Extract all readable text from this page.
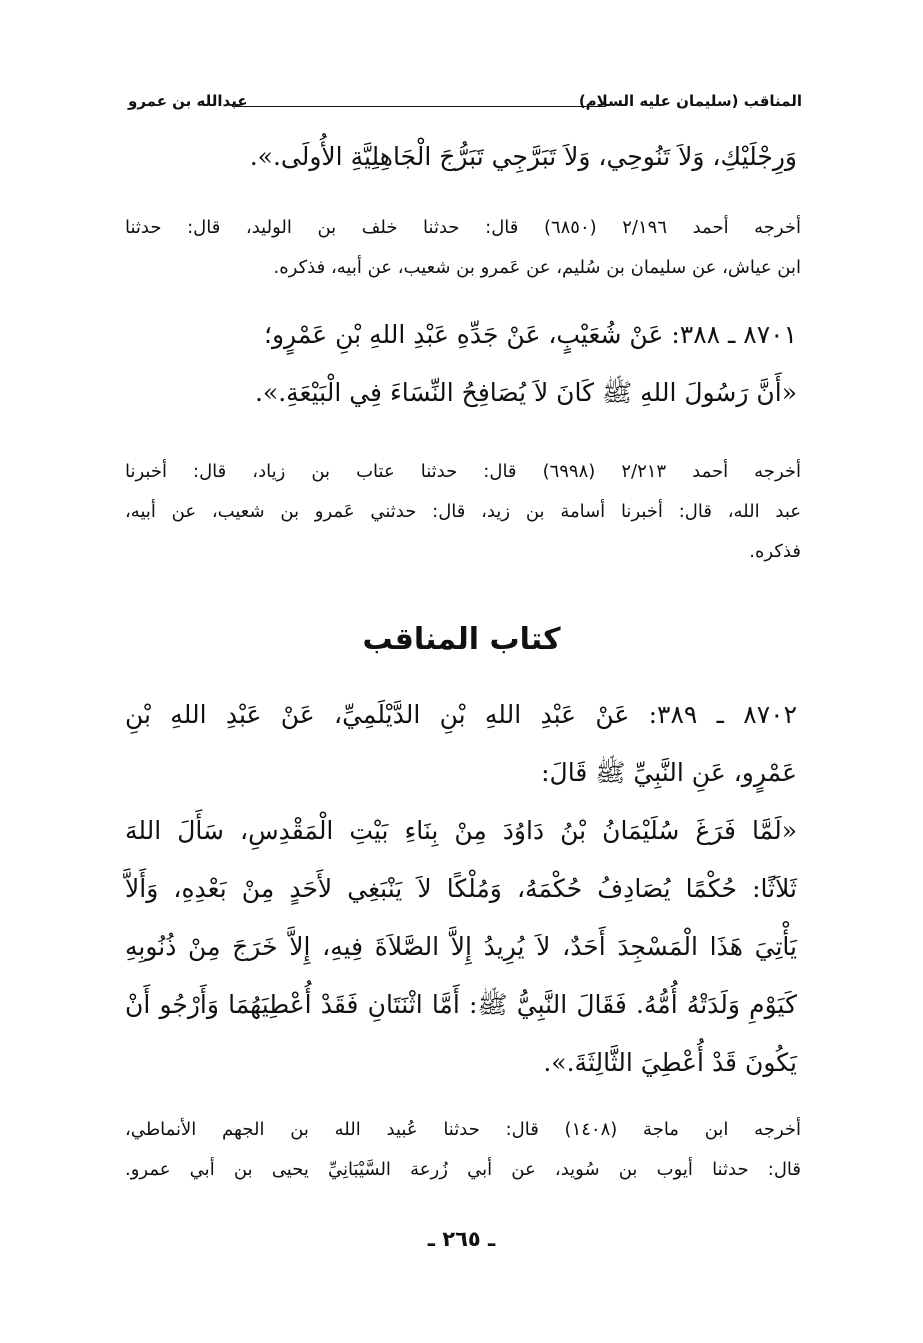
المناقب (سليمان عليه السلام)
عبدالله بن عمرو
وَرِجْلَيْكِ، وَلاَ تَنُوحِي، وَلاَ تَبَرَّجِي تَبَرُّجَ الْجَاهِلِيَّةِ الأُولَى.».
أخرجه أحمد ٢/١٩٦ (٦٨٥٠) قال: حدثنا خلف بن الوليد، قال: حدثنا
ابن عياش، عن سليمان بن سُليم، عن عَمرو بن شعيب، عن أبيه، فذكره.
٨٧٠١ ـ ٣٨٨: عَنْ شُعَيْبٍ، عَنْ جَدِّهِ عَبْدِ اللهِ بْنِ عَمْرٍو؛
«أَنَّ رَسُولَ اللهِ ﷺ كَانَ لاَ يُصَافِحُ النِّسَاءَ فِي الْبَيْعَةِ.».
أخرجه أحمد ٢/٢١٣ (٦٩٩٨) قال: حدثنا عتاب بن زياد، قال: أخبرنا
عبد الله، قال: أخبرنا أسامة بن زيد، قال: حدثني عَمرو بن شعيب، عن أبيه،
فذكره.
كتاب المناقب
٨٧٠٢ ـ ٣٨٩: عَنْ عَبْدِ اللهِ بْنِ الدَّيْلَمِيِّ، عَنْ عَبْدِ اللهِ بْنِ
عَمْرٍو، عَنِ النَّبِيِّ ﷺ قَالَ:
«لَمَّا فَرَغَ سُلَيْمَانُ بْنُ دَاوُدَ مِنْ بِنَاءِ بَيْتِ الْمَقْدِسِ، سَأَلَ اللهَ
ثَلاَثًا: حُكْمًا يُصَادِفُ حُكْمَهُ، وَمُلْكًا لاَ يَنْبَغِي لأَحَدٍ مِنْ بَعْدِهِ، وَأَلاَّ
يَأْتِيَ هَذَا الْمَسْجِدَ أَحَدٌ، لاَ يُرِيدُ إِلاَّ الصَّلاَةَ فِيهِ، إِلاَّ خَرَجَ مِنْ ذُنُوبِهِ
كَيَوْمِ وَلَدَتْهُ أُمُّهُ. فَقَالَ النَّبِيُّ ﷺ: أَمَّا اثْنَتَانِ فَقَدْ أُعْطِيَهُمَا وَأَرْجُو أَنْ
يَكُونَ قَدْ أُعْطِيَ الثَّالِثَةَ.».
أخرجه ابن ماجة (١٤٠٨) قال: حدثنا عُبيد الله بن الجهم الأنماطي،
قال: حدثنا أيوب بن سُويد، عن أبي زُرعة السَّيْبَانِيِّ يحيى بن أبي عمرو.
ـ ٢٦٥ ـ
